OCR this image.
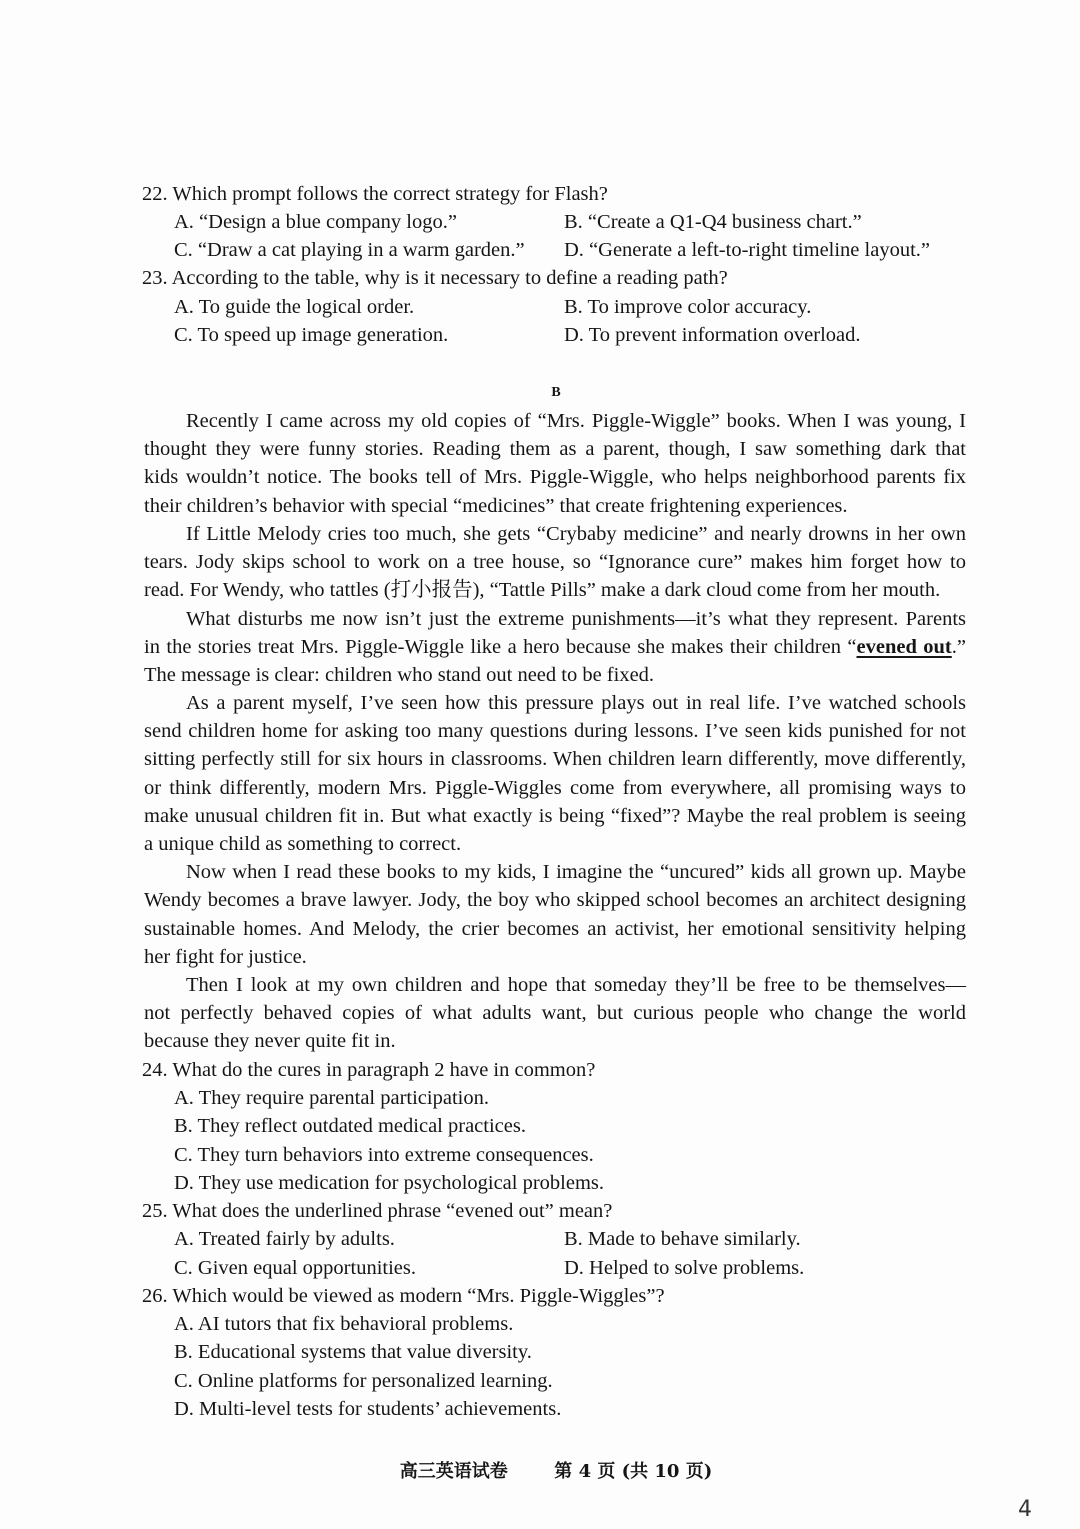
22. Which prompt follows the correct strategy for Flash?
A. “Design a blue company logo.”	B. “Create a Q1-Q4 business chart.”
C. “Draw a cat playing in a warm garden.” D. “Generate a left-to-right timeline layout.”
23. According to the table, why is it necessary to define a reading path?
A. To guide the logical order.	B. To improve color accuracy.
C. To speed up image generation.	D. To prevent information overload.
B
Recently I came across my old copies of “Mrs. Piggle-Wiggle” books. When I was young, I
thought they were funny stories. Reading them as a parent, though, I saw something dark that
kids wouldn’t notice. The books tell of Mrs. Piggle-Wiggle, who helps neighborhood parents fix
their children’s behavior with special “medicines” that create frightening experiences.
If Little Melody cries too much, she gets “Crybaby medicine” and nearly drowns in her own
tears. Jody skips school to work on a tree house, so “Ignorance cure” makes him forget how to
read. For Wendy, who tattles (打小报告), “Tattle Pills” make a dark cloud come from her mouth.
What disturbs me now isn’t just the extreme punishments—it’s what they represent. Parents
in the stories treat Mrs. Piggle-Wiggle like a hero because she makes their children “evened out.”
The message is clear: children who stand out need to be fixed.
As a parent myself, I’ve seen how this pressure plays out in real life. I’ve watched schools
send children home for asking too many questions during lessons. I’ve seen kids punished for not
sitting perfectly still for six hours in classrooms. When children learn differently, move differently,
or think differently, modern Mrs. Piggle-Wiggles come from everywhere, all promising ways to
make unusual children fit in. But what exactly is being “fixed”? Maybe the real problem is seeing
a unique child as something to correct.
Now when I read these books to my kids, I imagine the “uncured” kids all grown up. Maybe
Wendy becomes a brave lawyer. Jody, the boy who skipped school becomes an architect designing
sustainable homes. And Melody, the crier becomes an activist, her emotional sensitivity helping
her fight for justice.
Then I look at my own children and hope that someday they’ll be free to be themselves—
not perfectly behaved copies of what adults want, but curious people who change the world
because they never quite fit in.
24. What do the cures in paragraph 2 have in common?
A. They require parental participation.
B. They reflect outdated medical practices.
C. They turn behaviors into extreme consequences.
D. They use medication for psychological problems.
25. What does the underlined phrase “evened out” mean?
A. Treated fairly by adults.	B. Made to behave similarly.
C. Given equal opportunities.	D. Helped to solve problems.
26. Which would be viewed as modern “Mrs. Piggle-Wiggles”?
A. AI tutors that fix behavioral problems.
B. Educational systems that value diversity.
C. Online platforms for personalized learning.
D. Multi-level tests for students’ achievements.
高三英语试卷	第 4 页 (共 10 页)
4
